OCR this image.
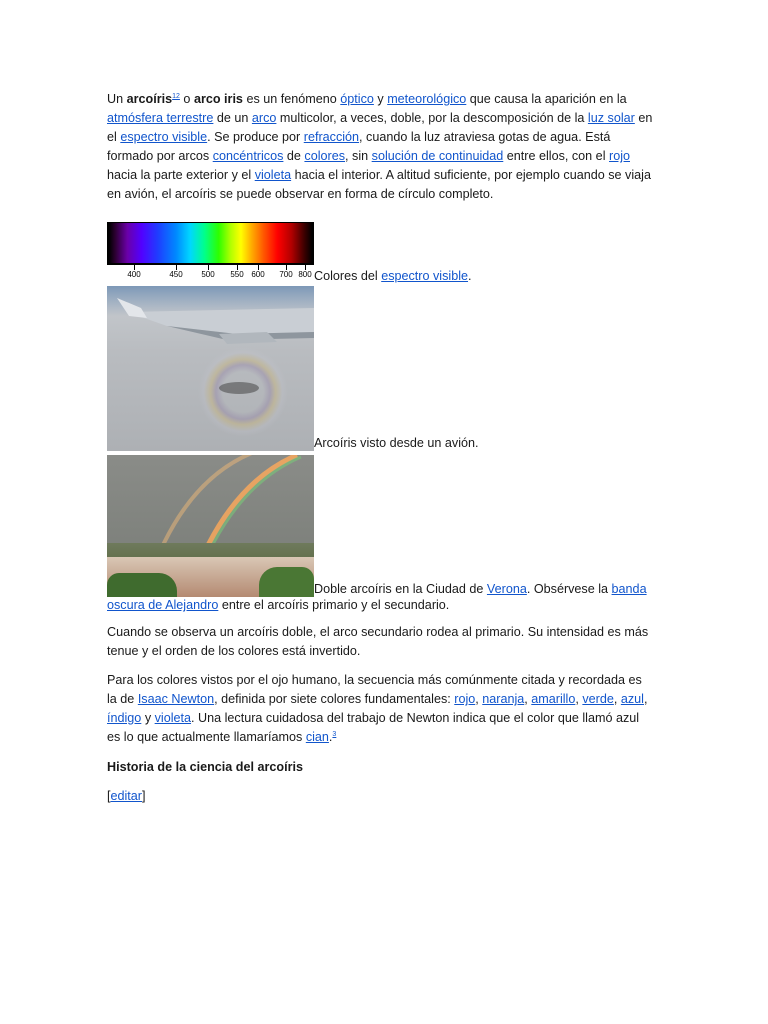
Un arcoíris$^{12}$ o arco iris es un fenómeno óptico y meteorológico que causa la aparición en la atmósfera terrestre de un arco multicolor, a veces, doble, por la descomposición de la luz solar en el espectro visible. Se produce por refracción, cuando la luz atraviesa gotas de agua. Está formado por arcos concéntricos de colores, sin solución de continuidad entre ellos, con el rojo hacia la parte exterior y el violeta hacia el interior. A altitud suficiente, por ejemplo cuando se viaja en avión, el arcoíris se puede observar en forma de círculo completo.

400	450 500 550 600 700 800 Colores del espectro visible.
Arcoíris visto desde un avión.
Doble arcoíris en la Ciudad de Verona. Obsérvese la banda
oscura de Alejandro entre el arcoíris primario y el secundario.

Cuando se observa un arcoíris doble, el arco secundario rodea al primario. Su intensidad es más tenue y el orden de los colores está invertido.

Para los colores vistos por el ojo humano, la secuencia más comúnmente citada y recordada es la de Isaac Newton, definida por siete colores fundamentales: rojo, naranja, amarillo, verde, azul, índigo y violeta. Una lectura cuidadosa del trabajo de Newton indica que el color que llamó azul es lo que actualmente llamaríamos cian.$^3$

Historia de la ciencia del arcoíris

[editar]
